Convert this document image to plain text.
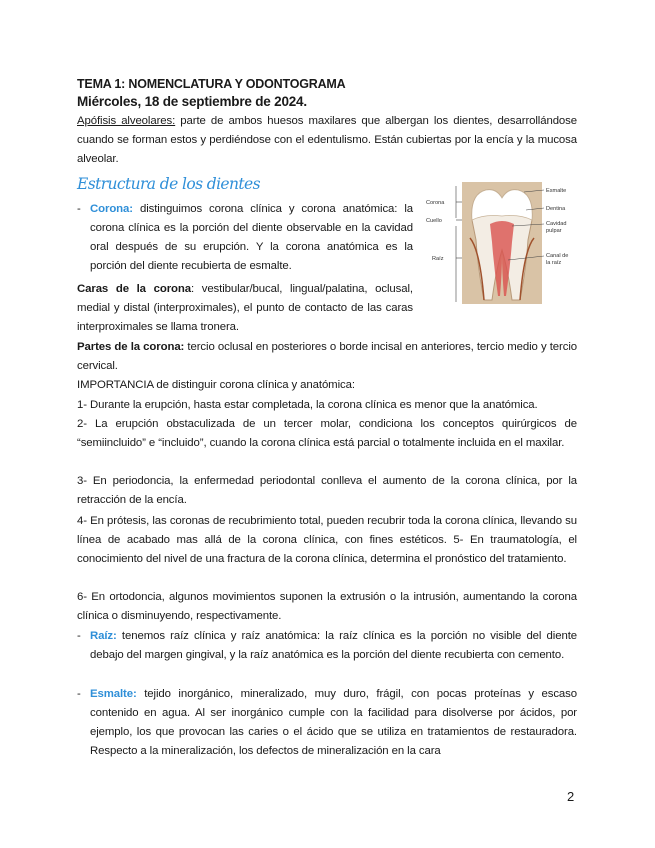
TEMA 1: NOMENCLATURA Y ODONTOGRAMA
Miércoles, 18 de septiembre de 2024.
Apófisis alveolares: parte de ambos huesos maxilares que albergan los dientes, desarrollándose cuando se forman estos y perdiéndose con el edentulismo. Están cubiertas por la encía y la mucosa alveolar.
Estructura de los dientes
Corona
Cuello
Raíz
Esmalte
Dentina
Cavidad
pulpar
Canal de
la raíz
- Corona: distinguimos corona clínica y corona anatómica: la corona clínica es la porción del diente observable en la cavidad oral después de su erupción. Y la corona anatómica es la porción del diente recubierta de esmalte.
Caras de la corona: vestibular/bucal, lingual/palatina, oclusal, medial y distal (interproximales), el punto de contacto de las caras interproximales se llama tronera.
Partes de la corona: tercio oclusal en posteriores o borde incisal en anteriores, tercio medio y tercio cervical.
IMPORTANCIA de distinguir corona clínica y anatómica:
1- Durante la erupción, hasta estar completada, la corona clínica es menor que la anatómica.
2- La erupción obstaculizada de un tercer molar, condiciona los conceptos quirúrgicos de “semiincluido” e “incluido”, cuando la corona clínica está parcial o totalmente incluida en el maxilar.
3- En periodoncia, la enfermedad periodontal conlleva el aumento de la corona clínica, por la retracción de la encía.
4- En prótesis, las coronas de recubrimiento total, pueden recubrir toda la corona clínica, llevando su línea de acabado mas allá de la corona clínica, con fines estéticos. 5- En traumatología, el conocimiento del nivel de una fractura de la corona clínica, determina el pronóstico del tratamiento.
6- En ortodoncia, algunos movimientos suponen la extrusión o la intrusión, aumentando la corona clínica o disminuyendo, respectivamente.
- Raíz: tenemos raíz clínica y raíz anatómica: la raíz clínica es la porción no visible del diente debajo del margen gingival, y la raíz anatómica es la porción del diente recubierta con cemento.
- Esmalte: tejido inorgánico, mineralizado, muy duro, frágil, con pocas proteínas y escaso contenido en agua. Al ser inorgánico cumple con la facilidad para disolverse por ácidos, por ejemplo, los que provocan las caries o el ácido que se utiliza en tratamientos de restauradora. Respecto a la mineralización, los defectos de mineralización en la cara
2
